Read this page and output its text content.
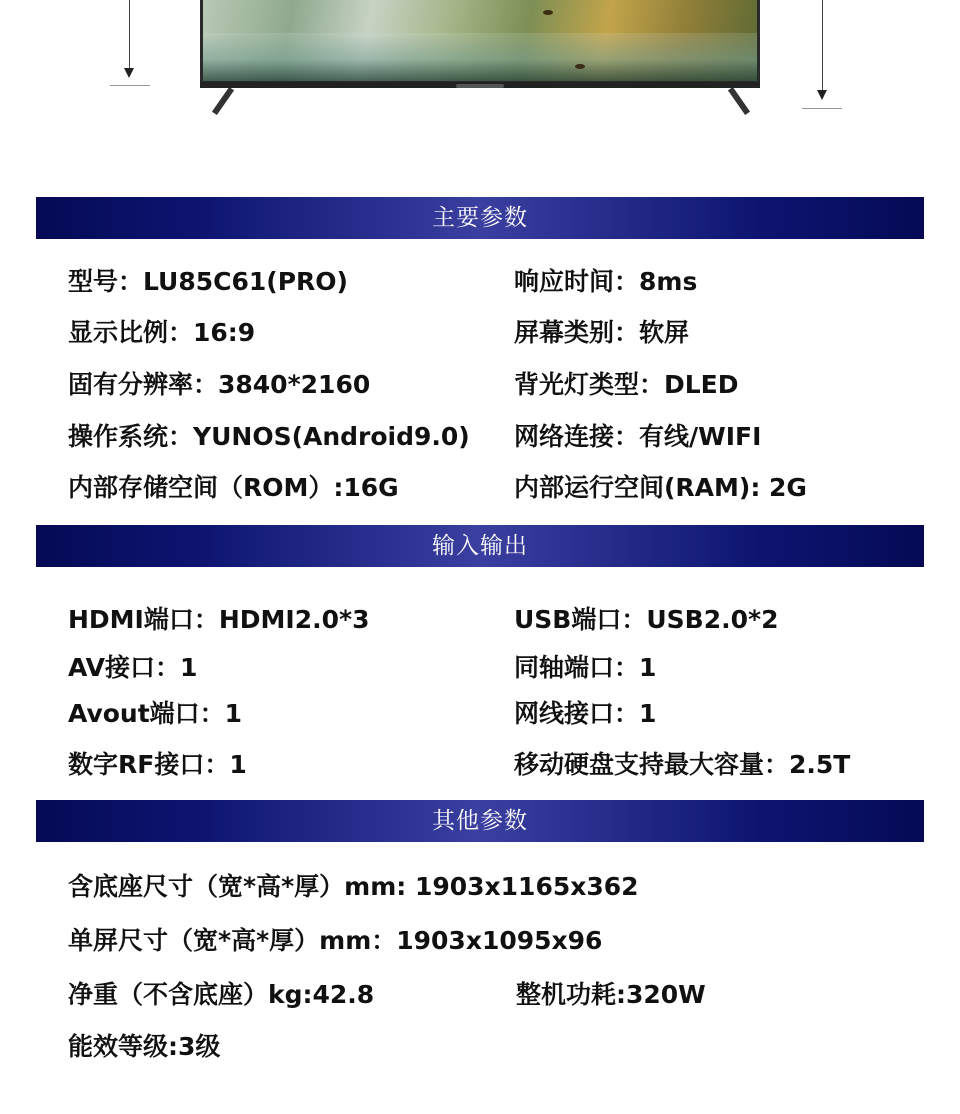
主要参数
型号：LU85C61(PRO)
显示比例：16:9
固有分辨率：3840*2160
操作系统：YUNOS(Android9.0)
内部存储空间（ROM）:16G
响应时间：8ms
屏幕类别：软屏
背光灯类型：DLED
网络连接：有线/WIFI
内部运行空间(RAM): 2G
输入输出
HDMI端口：HDMI2.0*3
AV接口：1
Avout端口：1
数字RF接口：1
USB端口：USB2.0*2
同轴端口：1
网线接口：1
移动硬盘支持最大容量：2.5T
其他参数
含底座尺寸（宽*高*厚）mm: 1903x1165x362
单屏尺寸（宽*高*厚）mm：1903x1095x96
净重（不含底座）kg:42.8	整机功耗:320W
能效等级:3级
